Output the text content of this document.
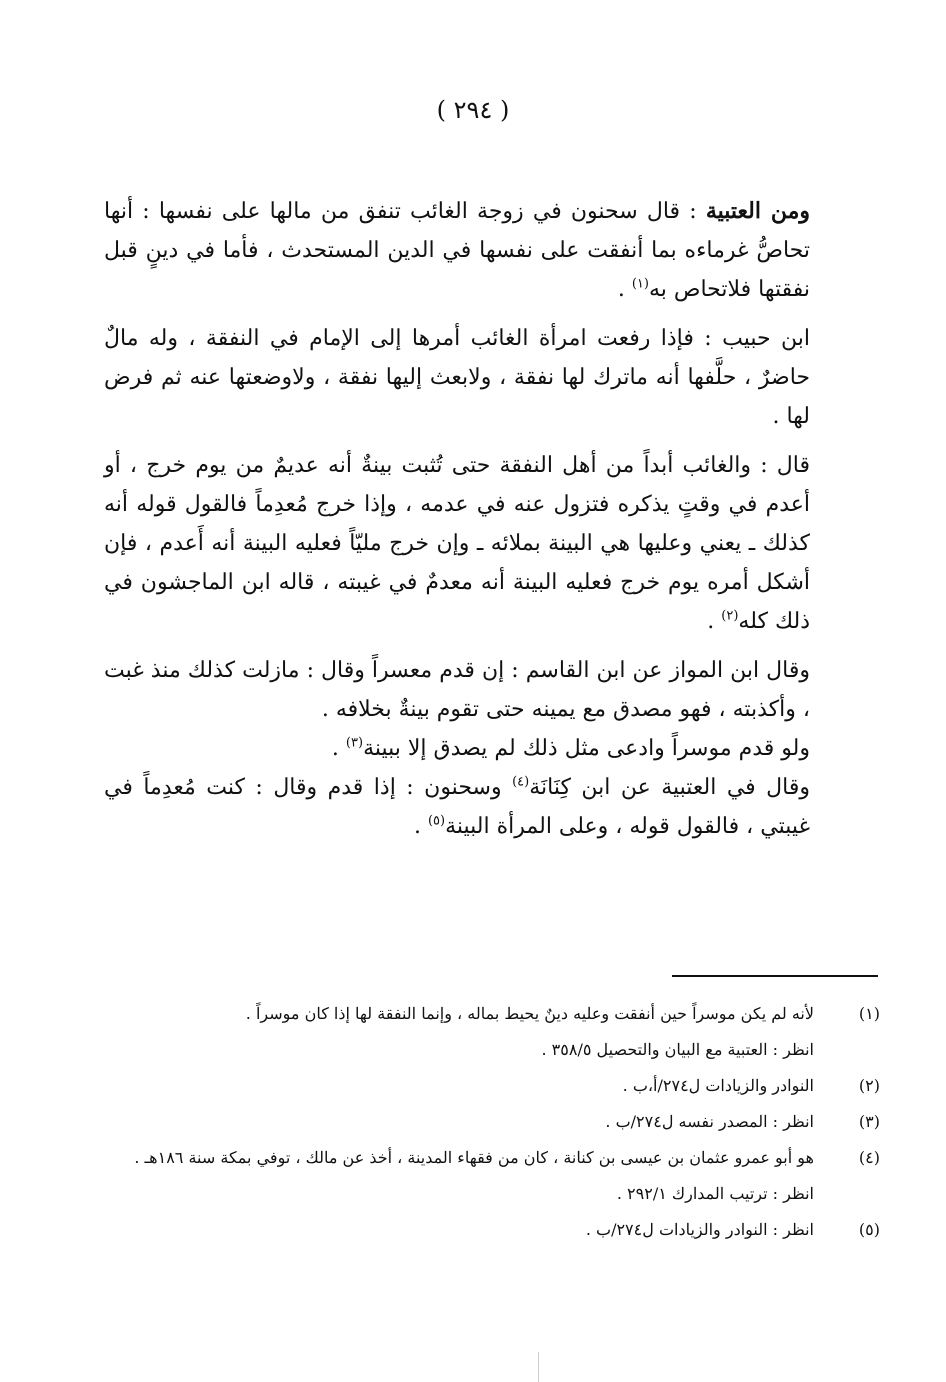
( ٢٩٤ )

ومن العتبية : قال سحنون في زوجة الغائب تنفق من مالها على نفسها : أنها تحاصُّ غرماءه بما أنفقت على نفسها في الدين المستحدث ، فأما في دينٍ قبل نفقتها فلاتحاص به$^{(١)}$ .

ابن حبيب : فإذا رفعت امرأة الغائب أمرها إلى الإمام في النفقة ، وله مالٌ حاضرٌ ، حلَّفها أنه ماترك لها نفقة ، ولابعث إليها نفقة ، ولاوضعتها عنه ثم فرض لها .

قال : والغائب أبداً من أهل النفقة حتى تُثبت بينةٌ أنه عديمٌ من يوم خرج ، أو أعدم في وقتٍ يذكره فتزول عنه في عدمه ، وإذا خرج مُعدِماً فالقول قوله أنه كذلك ـ يعني وعليها هي البينة بملائه ـ وإن خرج مليّاً فعليه البينة أنه أَعدم ، فإن أشكل أمره يوم خرج فعليه البينة أنه معدمٌ في غيبته ، قاله ابن الماجشون في ذلك كله$^{(٢)}$ .

وقال ابن المواز عن ابن القاسم : إن قدم معسراً وقال : مازلت كذلك منذ غبت ، وأكذبته ، فهو مصدق مع يمينه حتى تقوم بينةٌ بخلافه .

ولو قدم موسراً وادعى مثل ذلك لم يصدق إلا ببينة$^{(٣)}$ .

وقال في العتبية عن ابن كِنَانَة$^{(٤)}$ وسحنون : إذا قدم وقال : كنت مُعدِماً في غيبتي ، فالقول قوله ، وعلى المرأة البينة$^{(٥)}$ .

(١)
لأنه لم يكن موسراً حين أنفقت وعليه دينٌ يحيط بماله ، وإنما النفقة لها إذا كان موسراً .
انظر : العتبية مع البيان والتحصيل ٣٥٨/٥ .
(٢)
النوادر والزيادات ل٢٧٤/أ،ب .
(٣)
انظر : المصدر نفسه ل٢٧٤/ب .
(٤)
هو أبو عمرو عثمان بن عيسى بن كنانة ، كان من فقهاء المدينة ، أخذ عن مالك ، توفي بمكة سنة ١٨٦هـ .
انظر : ترتيب المدارك ٢٩٢/١ .
(٥)
انظر : النوادر والزيادات ل٢٧٤/ب .
